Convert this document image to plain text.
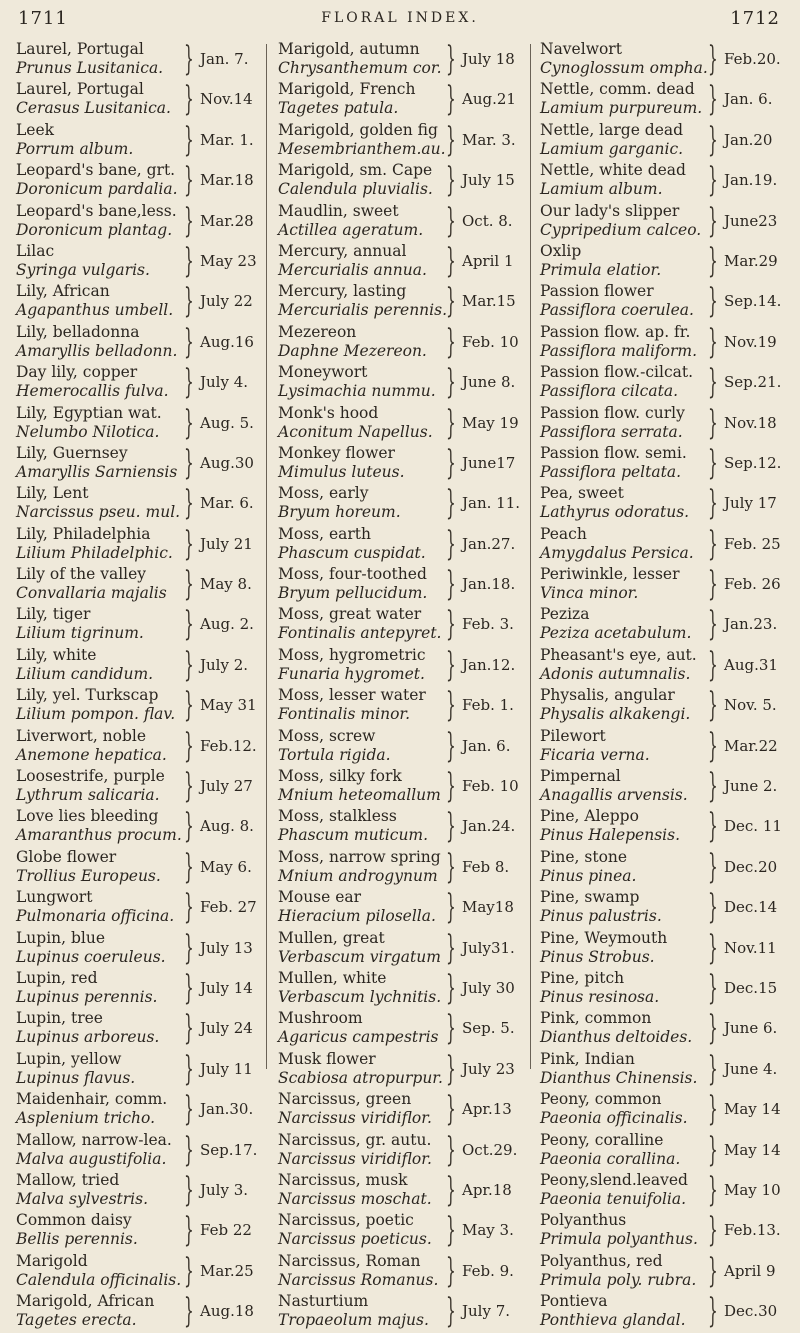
1711	FLORAL INDEX.	1712
Laurel, Portugal
Prunus Lusitanica. } Jan. 7.
Laurel, Portugal
Cerasus Lusitanica. } Nov.14
Leek
Porrum album.	} Mar. 1.
Leopard's bane, grt.
Doronicum pardalia. } Mar.18
Leopard's bane,less.
Doronicum plantag. } Mar.28
Lilac
Syringa vulgaris.	} May 23
Lily, African
Agapanthus umbell. } July 22
Lily, belladonna
Amaryllis belladonn. } Aug.16
Day lily, copper
Hemerocallis fulva. } July 4.
Lily, Egyptian wat.
Nelumbo Nilotica. } Aug. 5.
Lily, Guernsey
Amaryllis Sarniensis } Aug.30
Lily, Lent
Narcissus pseu. mul. } Mar. 6.
Lily, Philadelphia
Lilium Philadelphic. } July 21
Lily of the valley
Convallaria majalis } May 8.
Lily, tiger
Lilium tigrinum.	} Aug. 2.
Lily, white
Lilium candidum. } July 2.
Lily, yel. Turkscap
Lilium pompon. flav. } May 31
Liverwort, noble
Anemone hepatica. } Feb.12.
Loosestrife, purple
Lythrum salicaria. } July 27
Love lies bleeding
Amaranthus procum. } Aug. 8.
Globe flower
Trollius Europeus. } May 6.
Lungwort
Pulmonaria officina. } Feb. 27
Lupin, blue
Lupinus coeruleus. } July 13
Lupin, red
Lupinus perennis. } July 14
Lupin, tree
Lupinus arboreus. } July 24
Lupin, yellow
Lupinus flavus.	} July 11
Maidenhair, comm.
Asplenium tricho. } Jan.30.
Mallow, narrow-lea.
Malva augustifolia. } Sep.17.
Mallow, tried
Malva sylvestris.	} July 3.
Common daisy
Bellis perennis.	} Feb 22
Marigold
Calendula officinalis. } Mar.25
Marigold, African
Tagetes erecta.	} Aug.18
Marigold, autumn
Chrysanthemum cor. } July 18
Marigold, French
Tagetes patula.	} Aug.21
Marigold, golden fig
Mesembrianthem.au. } Mar. 3.
Marigold, sm. Cape
Calendula pluvialis. } July 15
Maudlin, sweet
Actillea ageratum. } Oct. 8.
Mercury, annual
Mercurialis annua. } April 1
Mercury, lasting
Mercurialis perennis.
} Mar.15
Mezereon
Daphne Mezereon. } Feb. 10
Moneywort
Lysimachia nummu. } June 8.
Monk's hood
Aconitum Napellus. } May 19
Monkey flower
Mimulus luteus.	} June17
Moss, early
Bryum horeum.	} Jan. 11.
Moss, earth
Phascum cuspidat. } Jan.27.
Moss, four-toothed
Bryum pellucidum. } Jan.18.
Moss, great water
Fontinalis antepyret. } Feb. 3.
Moss, hygrometric
Funaria hygromet. } Jan.12.
Moss, lesser water
Fontinalis minor.	} Feb. 1.
Moss, screw
Tortula rigida.	} Jan. 6.
Moss, silky fork
Mnium heteomallum } Feb. 10
Moss, stalkless
Phascum muticum. } Jan.24.
Moss, narrow spring
Mnium androgynum } Feb 8.
Mouse ear
Hieracium pilosella. } May18
Mullen, great
Verbascum virgatum } July31.
Mullen, white
Verbascum lychnitis. } July 30
Mushroom
Agaricus campestris } Sep. 5.
Musk flower
Scabiosa atropurpur. } July 23
Narcissus, green
Narcissus viridiflor. } Apr.13
Narcissus, gr. autu.
Narcissus viridiflor. } Oct.29.
Narcissus, musk
Narcissus moschat. } Apr.18
Narcissus, poetic
Narcissus poeticus. } May 3.
Narcissus, Roman
Narcissus Romanus. } Feb. 9.
Nasturtium
Tropaeolum majus. } July 7.
Navelwort
Cynoglossum ompha. } Feb.20.
Nettle, comm. dead
Lamium purpureum. } Jan. 6.
Nettle, large dead
Lamium garganic. } Jan.20
Nettle, white dead
Lamium album.	} Jan.19.
Our lady's slipper
Cypripedium calceo. } June23
Oxlip
Primula elatior.	} Mar.29
Passion flower
Passiflora coerulea. } Sep.14.
Passion flow. ap. fr.
Passiflora maliform. } Nov.19
Passion flow.-cilcat.
Passiflora cilcata. } Sep.21.
Passion flow. curly
Passiflora serrata. } Nov.18
Passion flow. semi.
Passiflora peltata. } Sep.12.
Pea, sweet
Lathyrus odoratus. } July 17
Peach
Amygdalus Persica. } Feb. 25
Periwinkle, lesser
Vinca minor.	} Feb. 26
Peziza
Peziza acetabulum. } Jan.23.
Pheasant's eye, aut.
Adonis autumnalis. } Aug.31
Physalis, angular
Physalis alkakengi. } Nov. 5.
Pilewort
Ficaria verna.	} Mar.22
Pimpernal
Anagallis arvensis. } June 2.
Pine, Aleppo
Pinus Halepensis. } Dec. 11
Pine, stone
Pinus pinea.	} Dec.20
Pine, swamp
Pinus palustris.	} Dec.14
Pine, Weymouth
Pinus Strobus.	} Nov.11
Pine, pitch
Pinus resinosa.	} Dec.15
Pink, common
Dianthus deltoides. } June 6.
Pink, Indian
Dianthus Chinensis. } June 4.
Peony, common
Paeonia officinalis. } May 14
Peony, coralline
Paeonia corallina. } May 14
Peony,slend.leaved
Paeonia tenuifolia. } May 10
Polyanthus
Primula polyanthus. } Feb.13.
Polyanthus, red
Primula poly. rubra. } April 9
Pontieva
Ponthieva glandal. } Dec.30
